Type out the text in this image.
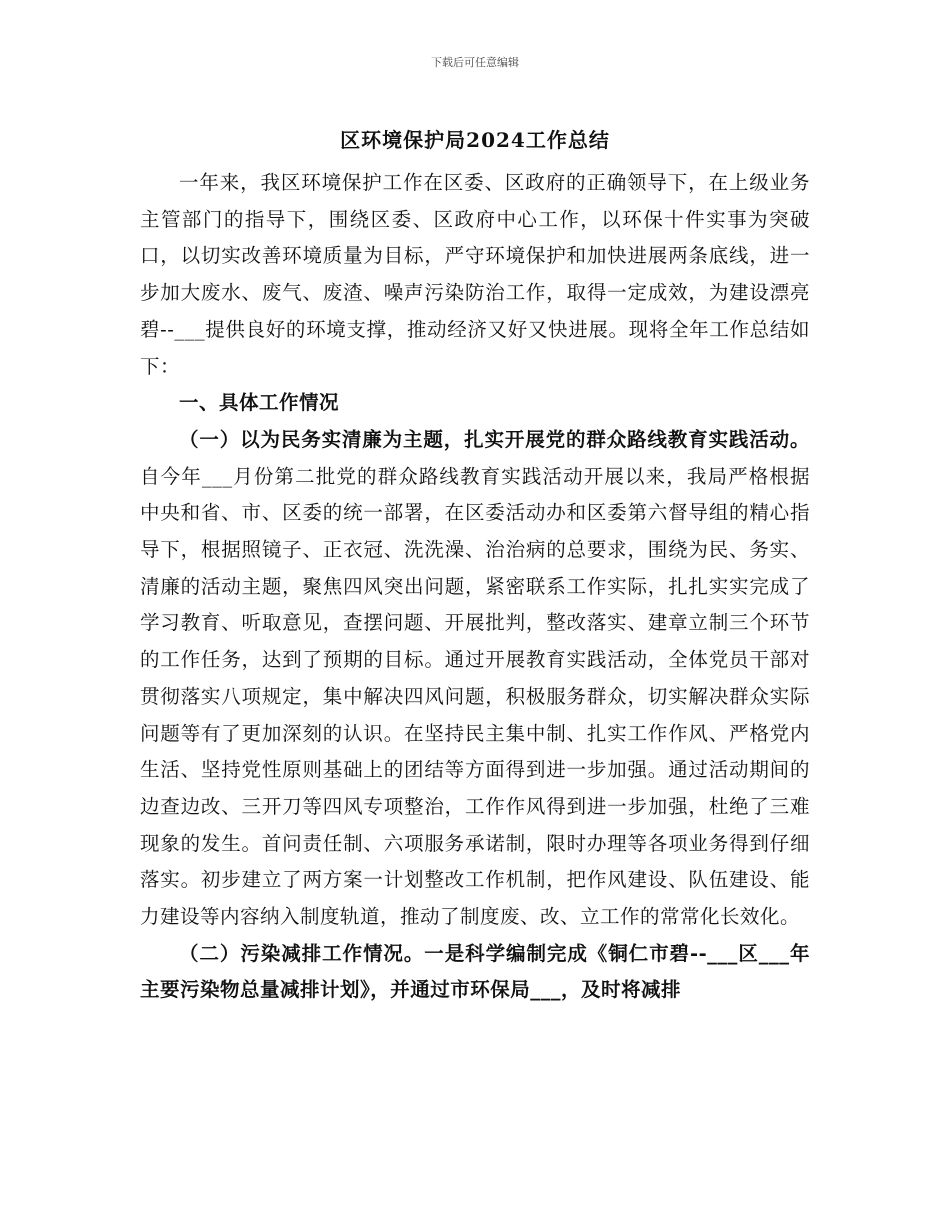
下载后可任意编辑
区环境保护局2024工作总结

一年来，我区环境保护工作在区委、区政府的正确领导下，在上级业务主管部门的指导下，围绕区委、区政府中心工作，以环保十件实事为突破口，以切实改善环境质量为目标，严守环境保护和加快进展两条底线，进一步加大废水、废气、废渣、噪声污染防治工作，取得一定成效，为建设漂亮碧--___提供良好的环境支撑，推动经济又好又快进展。现将全年工作总结如下：

一、具体工作情况

（一）以为民务实清廉为主题，扎实开展党的群众路线教育实践活动。自今年___月份第二批党的群众路线教育实践活动开展以来，我局严格根据中央和省、市、区委的统一部署，在区委活动办和区委第六督导组的精心指导下，根据照镜子、正衣冠、洗洗澡、治治病的总要求，围绕为民、务实、清廉的活动主题，聚焦四风突出问题，紧密联系工作实际，扎扎实实完成了学习教育、听取意见，查摆问题、开展批判，整改落实、建章立制三个环节的工作任务，达到了预期的目标。通过开展教育实践活动，全体党员干部对贯彻落实八项规定，集中解决四风问题，积极服务群众，切实解决群众实际问题等有了更加深刻的认识。在坚持民主集中制、扎实工作作风、严格党内生活、坚持党性原则基础上的团结等方面得到进一步加强。通过活动期间的边查边改、三开刀等四风专项整治，工作作风得到进一步加强，杜绝了三难现象的发生。首问责任制、六项服务承诺制，限时办理等各项业务得到仔细落实。初步建立了两方案一计划整改工作机制，把作风建设、队伍建设、能力建设等内容纳入制度轨道，推动了制度废、改、立工作的常常化长效化。

（二）污染减排工作情况。一是科学编制完成《铜仁市碧--___区___年主要污染物总量减排计划》，并通过市环保局___，及时将减排
